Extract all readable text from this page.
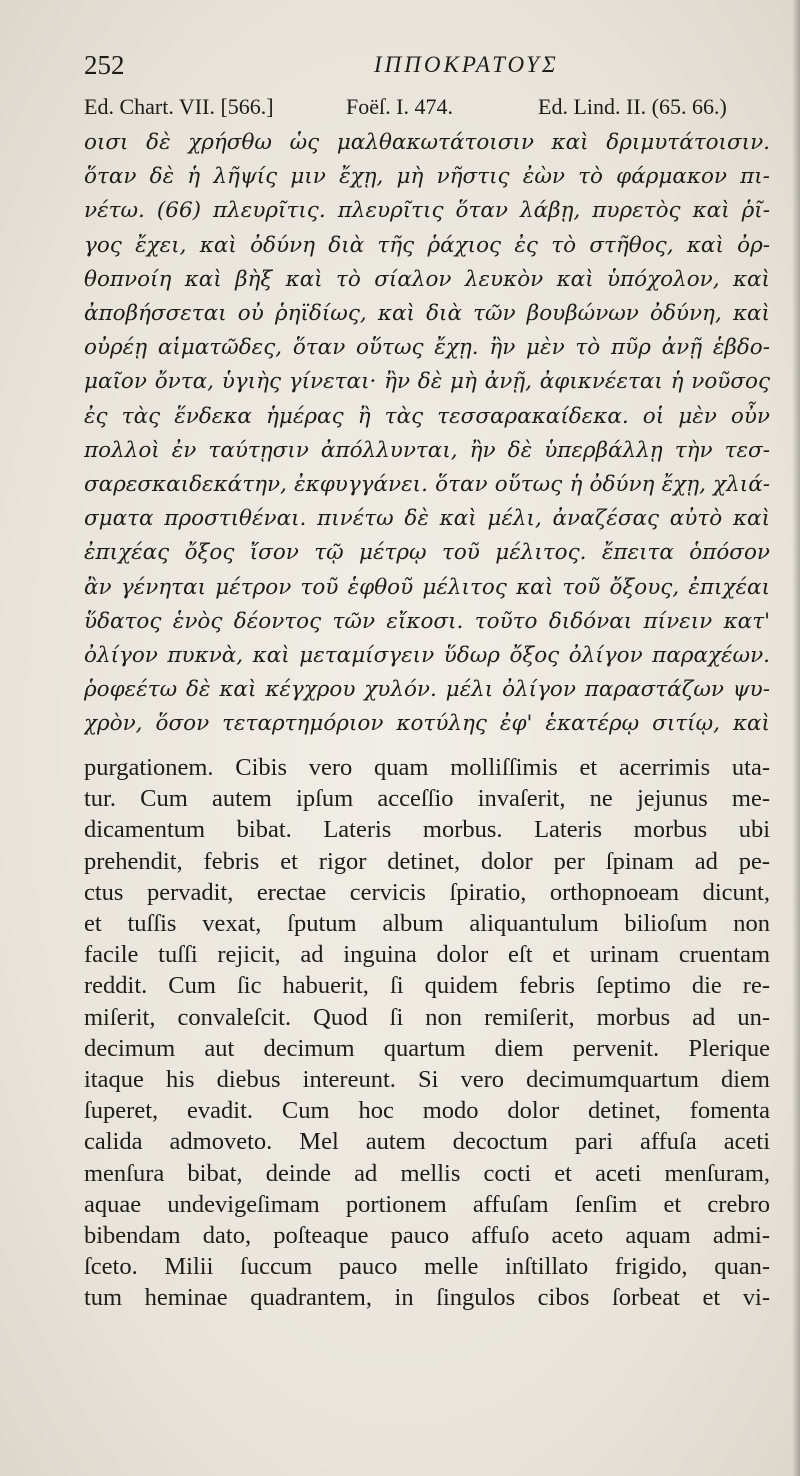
252	ΙΠΠΟΚΡΑΤΟΥΣ
Ed. Chart. VII. [566.]	Foëſ. I. 474.	Ed. Lind. II. (65. 66.)
οισι δὲ χρήσθω ὡς μαλθακωτάτοισιν καὶ δριμυτάτοισιν.
ὅταν δὲ ἡ λῆψίς μιν ἔχῃ, μὴ νῆστις ἐὼν τὸ φάρμακον πι-
νέτω. (66) πλευρῖτις. πλευρῖτις ὅταν λάβῃ, πυρετὸς καὶ ῥῖ-
γος ἔχει, καὶ ὀδύνη διὰ τῆς ῥάχιος ἐς τὸ στῆθος, καὶ ὀρ-
θοπνοίη καὶ βὴξ καὶ τὸ σίαλον λευκὸν καὶ ὑπόχολον, καὶ
ἀποβήσσεται οὐ ῥηϊδίως, καὶ διὰ τῶν βουβώνων ὀδύνη, καὶ
οὐρέῃ αἱματῶδες, ὅταν οὕτως ἔχῃ. ἢν μὲν τὸ πῦρ ἀνῇ ἑβδο-
μαῖον ὄντα, ὑγιὴς γίνεται· ἢν δὲ μὴ ἀνῇ, ἀφικνέεται ἡ νοῦσος
ἐς τὰς ἕνδεκα ἡμέρας ἢ τὰς τεσσαρακαίδεκα. οἱ μὲν οὖν
πολλοὶ ἐν ταύτῃσιν ἀπόλλυνται, ἢν δὲ ὑπερβάλλῃ τὴν τεσ-
σαρεσκαιδεκάτην, ἐκφυγγάνει. ὅταν οὕτως ἡ ὀδύνη ἔχῃ, χλιά-
σματα προστιθέναι. πινέτω δὲ καὶ μέλι, ἀναζέσας αὐτὸ καὶ
ἐπιχέας ὄξος ἴσον τῷ μέτρῳ τοῦ μέλιτος. ἔπειτα ὁπόσον
ἂν γένηται μέτρον τοῦ ἑφθοῦ μέλιτος καὶ τοῦ ὄξους, ἐπιχέαι
ὕδατος ἑνὸς δέοντος τῶν εἴκοσι. τοῦτο διδόναι πίνειν κατ'
ὀλίγον πυκνὰ, καὶ μεταμίσγειν ὕδωρ ὄξος ὀλίγον παραχέων.
ῥοφεέτω δὲ καὶ κέγχρου χυλόν. μέλι ὀλίγον παραστάζων ψυ-
χρὸν, ὅσον τεταρτημόριον κοτύλης ἐφ' ἑκατέρῳ σιτίῳ, καὶ
purgationem. Cibis vero quam molliſſimis et acerrimis uta-
tur. Cum autem ipſum acceſſio invaſerit, ne jejunus me-
dicamentum bibat. Lateris morbus. Lateris morbus ubi
prehendit, febris et rigor detinet, dolor per ſpinam ad pe-
ctus pervadit, erectae cervicis ſpiratio, orthopnoeam dicunt,
et tuſſis vexat, ſputum album aliquantulum bilioſum non
facile tuſſi rejicit, ad inguina dolor eſt et urinam cruentam
reddit. Cum ſic habuerit, ſi quidem febris ſeptimo die re-
miſerit, convaleſcit. Quod ſi non remiſerit, morbus ad un-
decimum aut decimum quartum diem pervenit. Plerique
itaque his diebus intereunt. Si vero decimumquartum diem
ſuperet, evadit. Cum hoc modo dolor detinet, fomenta
calida admoveto. Mel autem decoctum pari affuſa aceti
menſura bibat, deinde ad mellis cocti et aceti menſuram,
aquae undevigeſimam portionem affuſam ſenſim et crebro
bibendam dato, poſteaque pauco affuſo aceto aquam admi-
ſceto. Milii ſuccum pauco melle inſtillato frigido, quan-
tum heminae quadrantem, in ſingulos cibos ſorbeat et vi-
